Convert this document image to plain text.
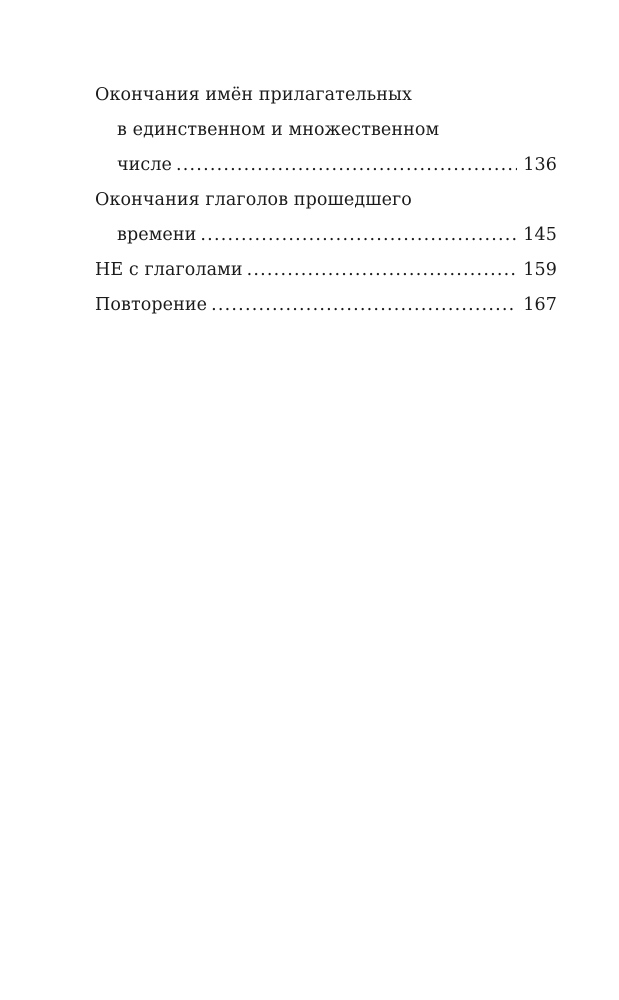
Окончания имён прилагательных
в единственном и множественном
числе .....	136
Окончания глаголов прошедшего
времени .....	145
НЕ с глаголами .....	159
Повторение .....	167
